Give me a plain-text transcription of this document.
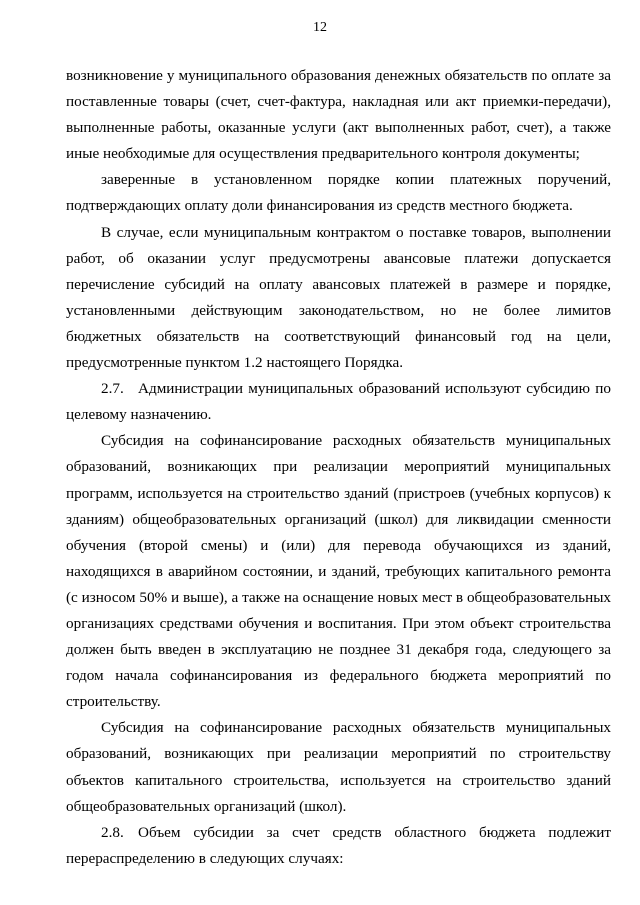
12

возникновение у муниципального образования денежных обязательств по оплате за поставленные товары (счет, счет-фактура, накладная или акт приемки-передачи), выполненные работы, оказанные услуги (акт выполненных работ, счет), а также иные необходимые для осуществления предварительного контроля документы;

заверенные в установленном порядке копии платежных поручений, подтверждающих оплату доли финансирования из средств местного бюджета.

В случае, если муниципальным контрактом о поставке товаров, выполнении работ, об оказании услуг предусмотрены авансовые платежи допускается перечисление субсидий на оплату авансовых платежей в размере и порядке, установленными действующим законодательством, но не более лимитов бюджетных обязательств на соответствующий финансовый год на цели, предусмотренные пунктом 1.2 настоящего Порядка.

2.7. Администрации муниципальных образований используют субсидию по целевому назначению.

Субсидия на софинансирование расходных обязательств муниципальных образований, возникающих при реализации мероприятий муниципальных программ, используется на строительство зданий (пристроев (учебных корпусов) к зданиям) общеобразовательных организаций (школ) для ликвидации сменности обучения (второй смены) и (или) для перевода обучающихся из зданий, находящихся в аварийном состоянии, и зданий, требующих капитального ремонта (с износом 50% и выше), а также на оснащение новых мест в общеобразовательных организациях средствами обучения и воспитания. При этом объект строительства должен быть введен в эксплуатацию не позднее 31 декабря года, следующего за годом начала софинансирования из федерального бюджета мероприятий по строительству.

Субсидия на софинансирование расходных обязательств муниципальных образований, возникающих при реализации мероприятий по строительству объектов капитального строительства, используется на строительство зданий общеобразовательных организаций (школ).

2.8. Объем субсидии за счет средств областного бюджета подлежит перераспределению в следующих случаях:
